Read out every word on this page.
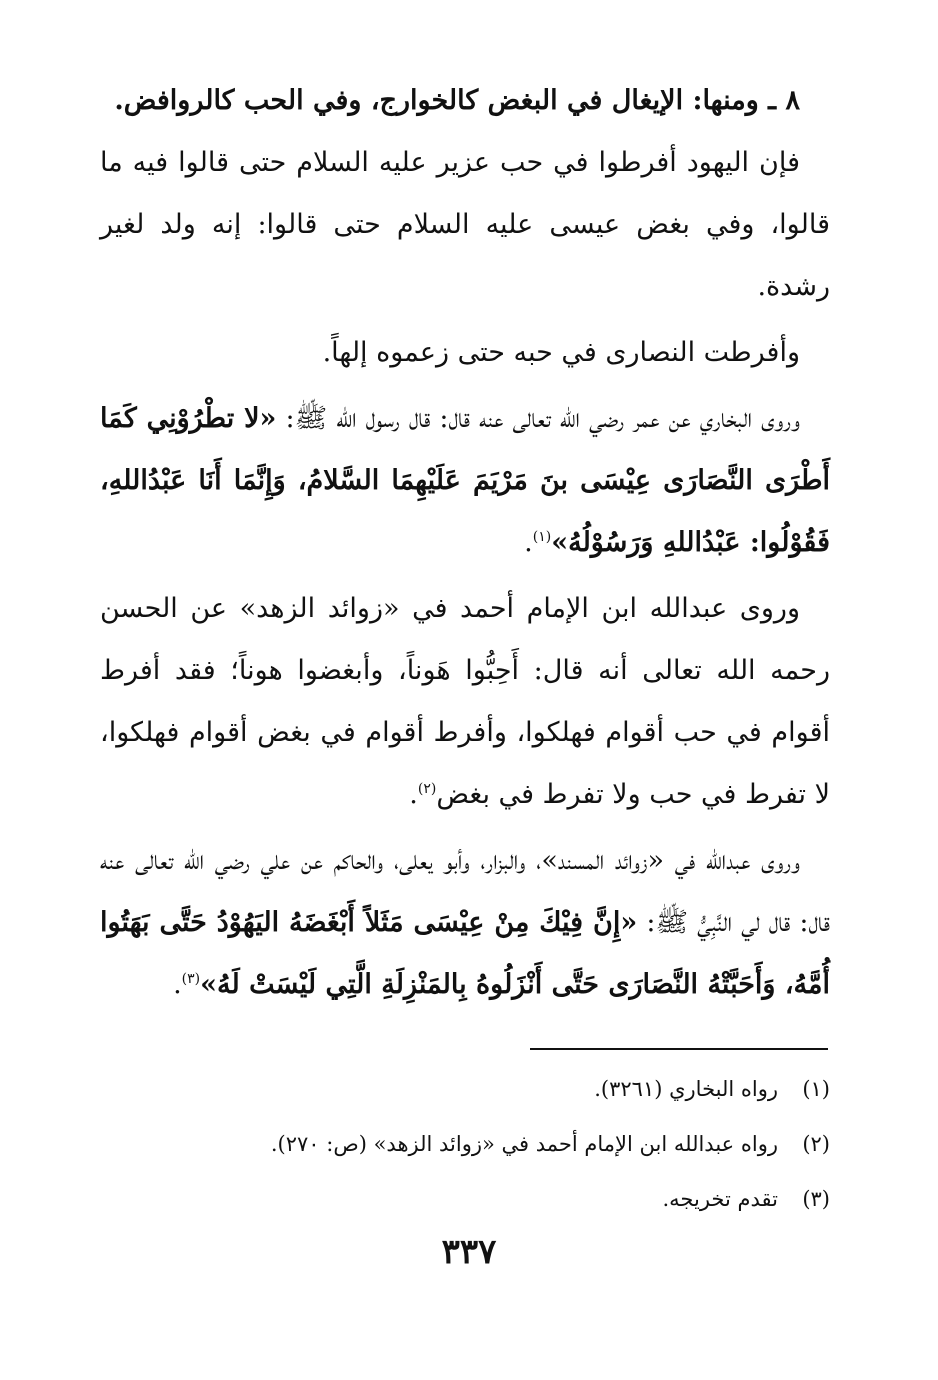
٨ ـ ومنها: الإيغال في البغض كالخوارج، وفي الحب كالروافض.

فإن اليهود أفرطوا في حب عزير عليه السلام حتى قالوا فيه ما قالوا، وفي بغض عيسى عليه السلام حتى قالوا: إنه ولد لغير رشدة.

وأفرطت النصارى في حبه حتى زعموه إلهاً.

وروى البخاري عن عمر رضي الله تعالى عنه قال: قال رسول الله ﷺ: «لا تطْرُوْنِي كَمَا أَطْرَى النَّصَارَى عِيْسَى بنَ مَرْيَمَ عَلَيْهِمَا السَّلامُ، وَإِنَّمَا أَنَا عَبْدُاللهِ، فَقُوْلُوا: عَبْدُاللهِ وَرَسُوْلُهُ»$^{(١)}$.

وروى عبدالله ابن الإمام أحمد في «زوائد الزهد» عن الحسن رحمه الله تعالى أنه قال: أَحِبُّوا هَوناً، وأبغضوا هوناً؛ فقد أفرط أقوام في حب أقوام فهلكوا، وأفرط أقوام في بغض أقوام فهلكوا، لا تفرط في حب ولا تفرط في بغض$^{(٢)}$.

وروى عبدالله في «زوائد المسند»، والبزار، وأبو يعلى، والحاكم عن علي رضي الله تعالى عنه قال: قال لي النَّبِيُّ ﷺ: «إِنَّ فِيْكَ مِنْ عِيْسَى مَثَلاً أَبْغَضَهُ اليَهُوْدُ حَتَّى بَهَتُوا أُمَّهُ، وَأَحَبَّتْهُ النَّصَارَى حَتَّى أَنْزَلُوهُ بِالمَنْزِلَةِ الَّتِي لَيْسَتْ لَهُ»$^{(٣)}$.

(١)
رواه البخاري (٣٢٦١).
(٢)
رواه عبدالله ابن الإمام أحمد في «زوائد الزهد» (ص: ٢٧٠).
(٣)
تقدم تخريجه.
٣٣٧
